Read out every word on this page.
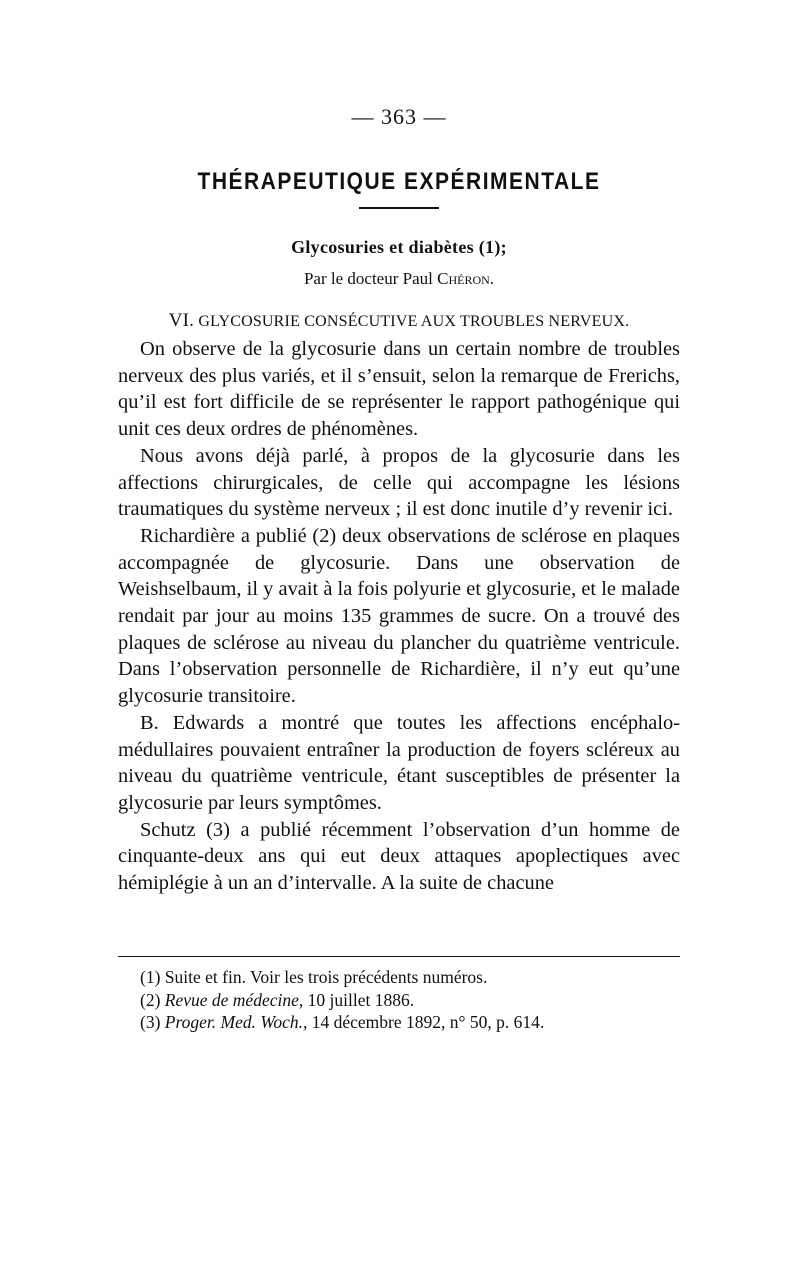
— 363 —
THÉRAPEUTIQUE EXPÉRIMENTALE
Glycosuries et diabètes (1);
Par le docteur Paul Chéron.
VI. GLYCOSURIE CONSÉCUTIVE AUX TROUBLES NERVEUX.

On observe de la glycosurie dans un certain nombre de troubles nerveux des plus variés, et il s’ensuit, selon la remarque de Frerichs, qu’il est fort difficile de se représenter le rapport pathogénique qui unit ces deux ordres de phénomènes.

Nous avons déjà parlé, à propos de la glycosurie dans les affections chirurgicales, de celle qui accompagne les lésions traumatiques du système nerveux ; il est donc inutile d’y revenir ici.

Richardière a publié (2) deux observations de sclérose en plaques accompagnée de glycosurie. Dans une observation de Weishselbaum, il y avait à la fois polyurie et glycosurie, et le malade rendait par jour au moins 135 grammes de sucre. On a trouvé des plaques de sclérose au niveau du plancher du quatrième ventricule. Dans l’observation personnelle de Richardière, il n’y eut qu’une glycosurie transitoire.

B. Edwards a montré que toutes les affections encéphalo-médullaires pouvaient entraîner la production de foyers scléreux au niveau du quatrième ventricule, étant susceptibles de présenter la glycosurie par leurs symptômes.

Schutz (3) a publié récemment l’observation d’un homme de cinquante-deux ans qui eut deux attaques apoplectiques avec hémiplégie à un an d’intervalle. A la suite de chacune

(1) Suite et fin. Voir les trois précédents numéros.
(2) Revue de médecine, 10 juillet 1886.
(3) Proger. Med. Woch., 14 décembre 1892, n° 50, p. 614.
